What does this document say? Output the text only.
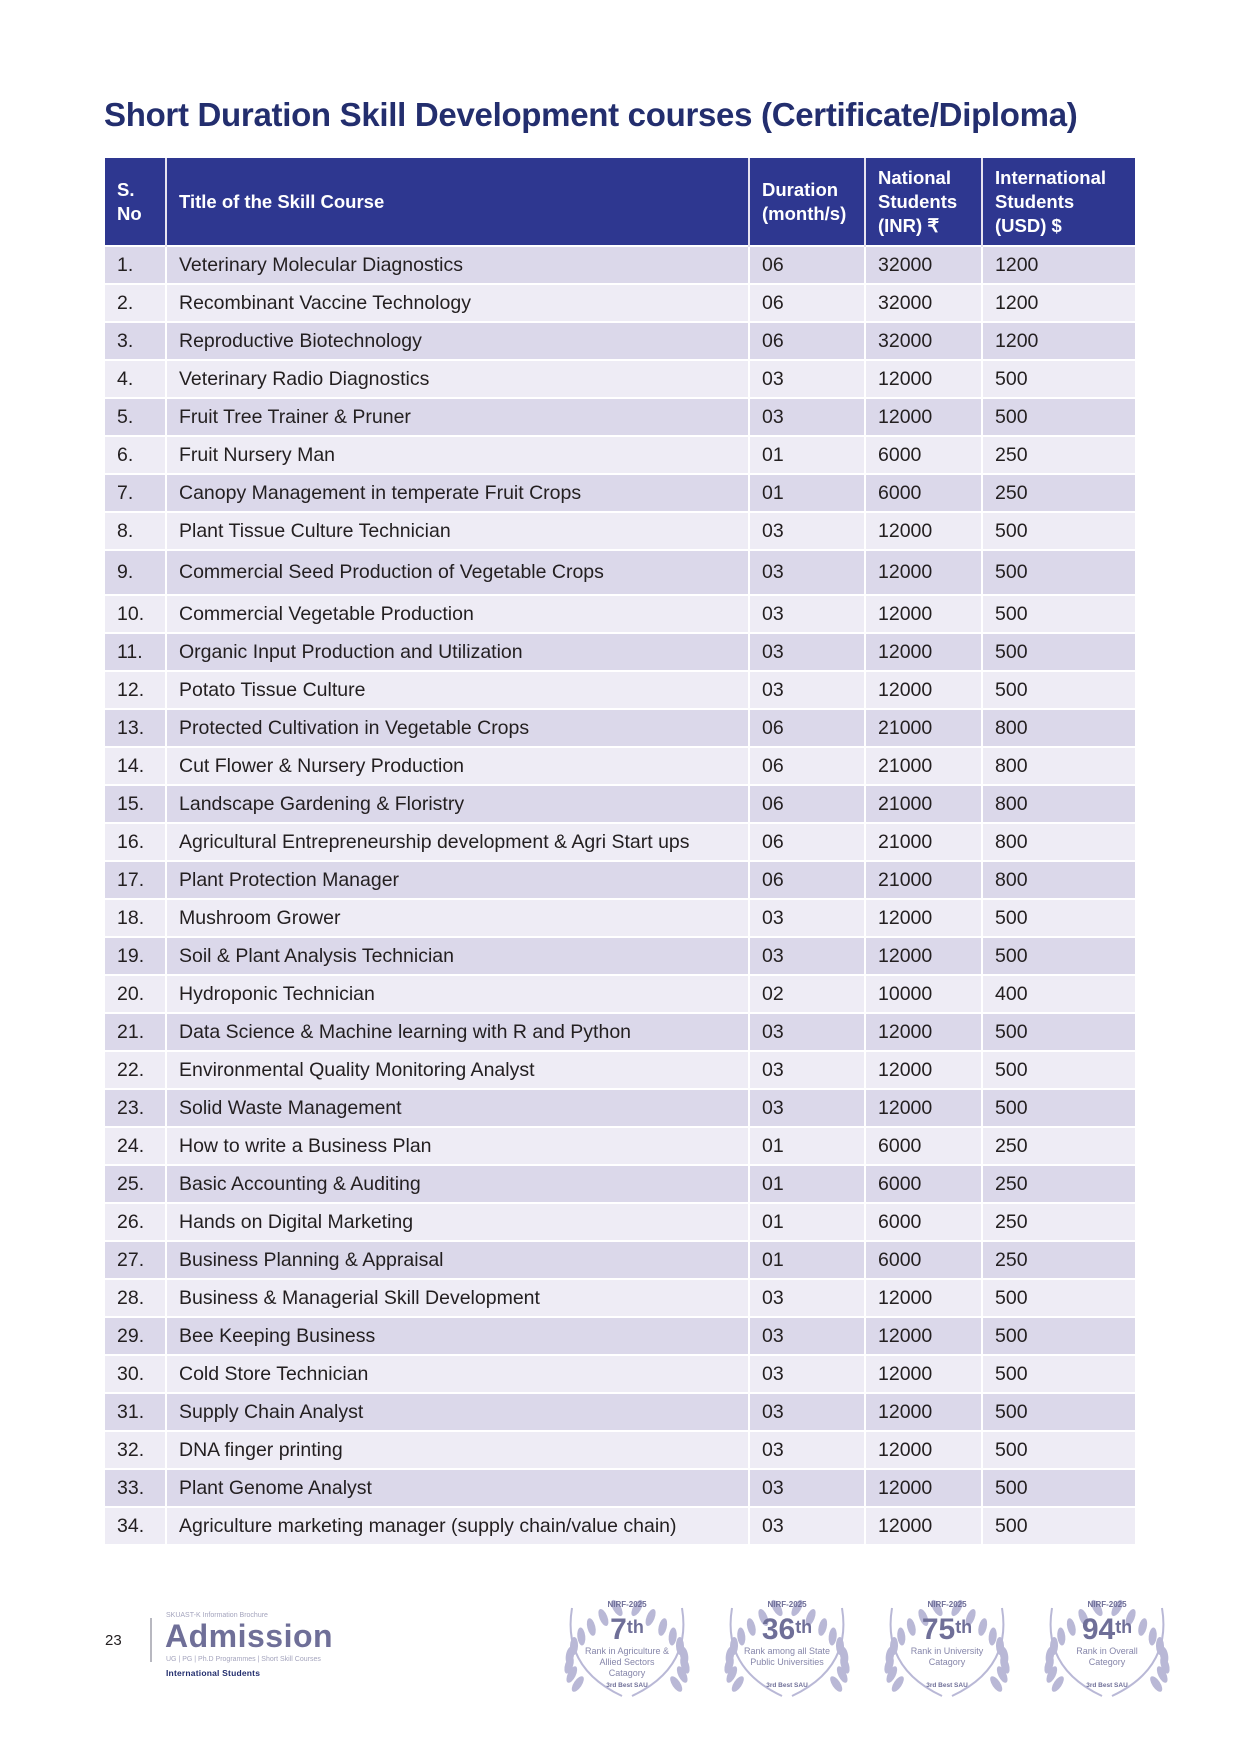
Short Duration Skill Development courses (Certificate/Diploma)
S. No	Title of the Skill Course	Duration (month/s)	National Students (INR) ₹	International Students (USD) $
1.	Veterinary Molecular Diagnostics	06	32000	1200
2.	Recombinant Vaccine Technology	06	32000	1200
3.	Reproductive Biotechnology	06	32000	1200
4.	Veterinary Radio Diagnostics	03	12000	500
5.	Fruit Tree Trainer & Pruner	03	12000	500
6.	Fruit Nursery Man	01	6000	250
7.	Canopy Management in temperate Fruit Crops	01	6000	250
8.	Plant Tissue Culture Technician	03	12000	500
9.	Commercial Seed Production of Vegetable Crops	03	12000	500
10.	Commercial Vegetable Production	03	12000	500
11.	Organic Input Production and Utilization	03	12000	500
12.	Potato Tissue Culture	03	12000	500
13.	Protected Cultivation in Vegetable Crops	06	21000	800
14.	Cut Flower & Nursery Production	06	21000	800
15.	Landscape Gardening & Floristry	06	21000	800
16.	Agricultural Entrepreneurship development & Agri Start ups	06	21000	800
17.	Plant Protection Manager	06	21000	800
18.	Mushroom Grower	03	12000	500
19.	Soil & Plant Analysis Technician	03	12000	500
20.	Hydroponic Technician	02	10000	400
21.	Data Science & Machine learning with R and Python	03	12000	500
22.	Environmental Quality Monitoring Analyst	03	12000	500
23.	Solid Waste Management	03	12000	500
24.	How to write a Business Plan	01	6000	250
25.	Basic Accounting & Auditing	01	6000	250
26.	Hands on Digital Marketing	01	6000	250
27.	Business Planning & Appraisal	01	6000	250
28.	Business & Managerial Skill Development	03	12000	500
29.	Bee Keeping Business	03	12000	500
30.	Cold Store Technician	03	12000	500
31.	Supply Chain Analyst	03	12000	500
32.	DNA finger printing	03	12000	500
33.	Plant Genome Analyst	03	12000	500
34.	Agriculture marketing manager (supply chain/value chain)	03	12000	500
23
SKUAST-K Information Brochure
Admission
UG | PG | Ph.D Programmes | Short Skill Courses
International Students
NIRF-2025
7th
Rank in Agriculture & Allied Sectors Catagory
3rd Best SAU
NIRF-2025
36th
Rank among all State Public Universities
3rd Best SAU
NIRF-2025
75th
Rank in University Catagory
3rd Best SAU
NIRF-2025
94th
Rank in Overall Category
3rd Best SAU
